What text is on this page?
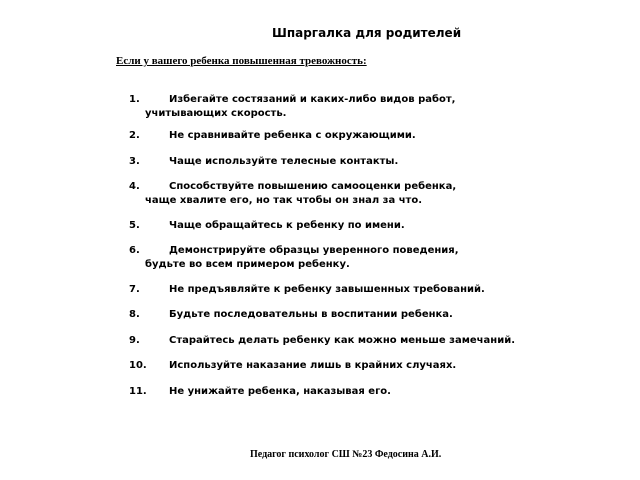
Шпаргалка для родителей
Если у вашего ребенка повышенная тревожность:
1.	Избегайте состязаний и каких-либо видов работ,
учитывающих скорость.
2.	Не сравнивайте ребенка с окружающими.
3.	Чаще используйте телесные контакты.
4.	Способствуйте повышению самооценки ребенка,
чаще хвалите его, но так чтобы он знал за что.
5.	Чаще обращайтесь к ребенку по имени.
6.	Демонстрируйте образцы уверенного поведения,
будьте во всем примером ребенку.
7.	Не предъявляйте к ребенку завышенных требований.
8.	Будьте последовательны в воспитании ребенка.
9.	Старайтесь делать ребенку как можно меньше замечаний.
10. Используйте наказание лишь в крайних случаях.
11. Не унижайте ребенка, наказывая его.
Педагог психолог СШ №23 Федосина А.И.
